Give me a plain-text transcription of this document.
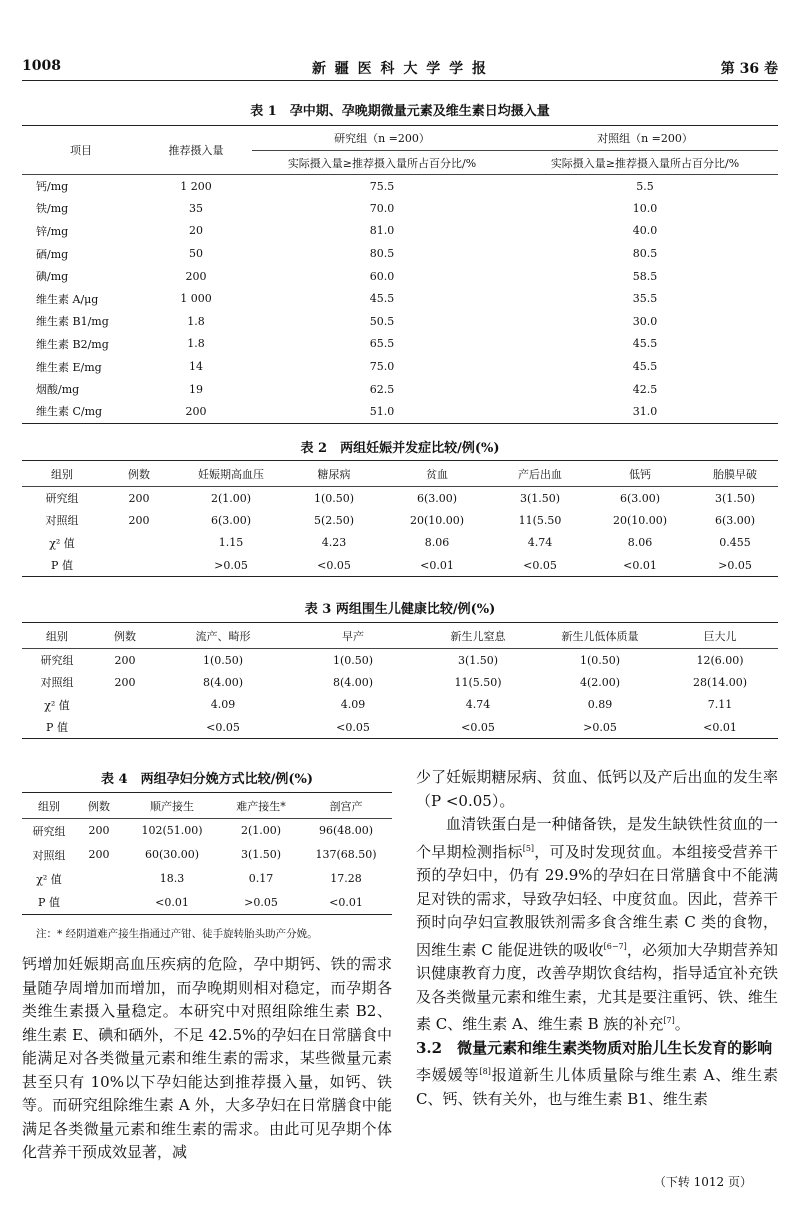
1008	新 疆 医 科 大 学 学 报	第 36 卷
表 1　孕中期、孕晚期微量元素及维生素日均摄入量
项目	推荐摄入量	研究组（n =200）	对照组（n =200）
		实际摄入量≥推荐摄入量所占百分比/%	实际摄入量≥推荐摄入量所占百分比/%
钙/mg	1 200	75.5	5.5
铁/mg	35	70.0	10.0
锌/mg	20	81.0	40.0
硒/mg	50	80.5	80.5
碘/mg	200	60.0	58.5
维生素 A/μg	1 000	45.5	35.5
维生素 B1/mg	1.8	50.5	30.0
维生素 B2/mg	1.8	65.5	45.5
维生素 E/mg	14	75.0	45.5
烟酸/mg	19	62.5	42.5
维生素 C/mg	200	51.0	31.0
表 2　两组妊娠并发症比较/例(%)
组别	例数	妊娠期高血压	糖尿病	贫血	产后出血	低钙	胎膜早破
研究组	200	2(1.00)	1(0.50)	6(3.00)	3(1.50)	6(3.00)	3(1.50)
对照组	200	6(3.00)	5(2.50)	20(10.00)	11(5.50	20(10.00)	6(3.00)
χ² 值		1.15	4.23	8.06	4.74	8.06	0.455
P 值		>0.05	<0.05	<0.01	<0.05	<0.01	>0.05
表 3 两组围生儿健康比较/例(%)
组别	例数	流产、畸形	早产	新生儿窒息	新生儿低体质量	巨大儿
研究组	200	1(0.50)	1(0.50)	3(1.50)	1(0.50)	12(6.00)
对照组	200	8(4.00)	8(4.00)	11(5.50)	4(2.00)	28(14.00)
χ² 值		4.09	4.09	4.74	0.89	7.11
P 值		<0.05	<0.05	<0.05	>0.05	<0.01
表 4　两组孕妇分娩方式比较/例(%)
组别	例数	顺产接生	难产接生*	剖宫产
研究组	200	102(51.00)	2(1.00)	96(48.00)
对照组	200	60(30.00)	3(1.50)	137(68.50)
χ² 值		18.3	0.17	17.28
P 值		<0.01	>0.05	<0.01
注：* 经阴道难产接生指通过产钳、徒手旋转胎头助产分娩。

钙增加妊娠期高血压疾病的危险，孕中期钙、铁的需求量随孕周增加而增加，而孕晚期则相对稳定，而孕期各类维生素摄入量稳定。本研究中对照组除维生素 B2、维生素 E、碘和硒外，不足 42.5%的孕妇在日常膳食中能满足对各类微量元素和维生素的需求，某些微量元素甚至只有 10%以下孕妇能达到推荐摄入量，如钙、铁等。而研究组除维生素 A 外，大多孕妇在日常膳食中能满足各类微量元素和维生素的需求。由此可见孕期个体化营养干预成效显著，减

少了妊娠期糖尿病、贫血、低钙以及产后出血的发生率（P <0.05）。

血清铁蛋白是一种储备铁，是发生缺铁性贫血的一个早期检测指标[5]，可及时发现贫血。本组接受营养干预的孕妇中，仍有 29.9%的孕妇在日常膳食中不能满足对铁的需求，导致孕妇轻、中度贫血。因此，营养干预时向孕妇宣教服铁剂需多食含维生素 C 类的食物，因维生素 C 能促进铁的吸收[6−7]，必须加大孕期营养知识健康教育力度，改善孕期饮食结构，指导适宜补充铁及各类微量元素和维生素，尤其是要注重钙、铁、维生素 C、维生素 A、维生素 B 族的补充[7]。

3.2　微量元素和维生素类物质对胎儿生长发育的影响　李媛媛等[8]报道新生儿体质量除与维生素 A、维生素 C、钙、铁有关外，也与维生素 B1、维生素

（下转 1012 页）
